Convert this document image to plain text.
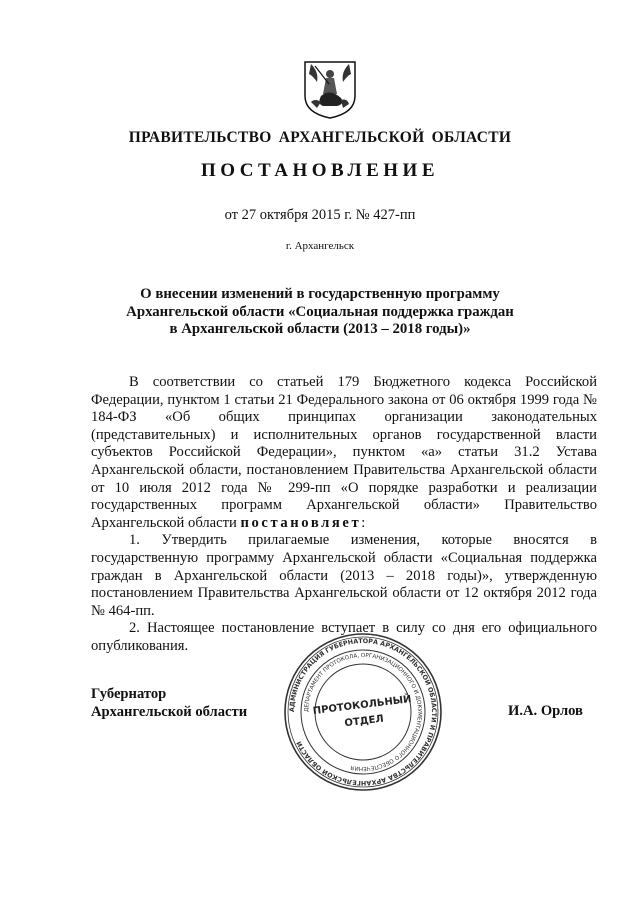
ПРАВИТЕЛЬСТВО АРХАНГЕЛЬСКОЙ ОБЛАСТИ
ПОСТАНОВЛЕНИЕ
от 27 октября 2015 г. № 427-пп
г. Архангельск
О внесении изменений в государственную программу
Архангельской области «Социальная поддержка граждан
в Архангельской области (2013 – 2018 годы)»

В соответствии со статьей 179 Бюджетного кодекса Российской Федерации, пунктом 1 статьи 21 Федерального закона от 06 октября 1999 года № 184-ФЗ «Об общих принципах организации законодательных (представительных) и исполнительных органов государственной власти субъектов Российской Федерации», пунктом «а» статьи 31.2 Устава Архангельской области, постановлением Правительства Архангельской области от 10 июля 2012 года № 299-пп «О порядке разработки и реализации государственных программ Архангельской области» Правительство Архангельской области постановляет:

1. Утвердить прилагаемые изменения, которые вносятся в государственную программу Архангельской области «Социальная поддержка граждан в Архангельской области (2013 – 2018 годы)», утвержденную постановлением Правительства Архангельской области от 12 октября 2012 года № 464-пп.

2. Настоящее постановление вступает в силу со дня его официального опубликования.

Губернатор
Архангельской области	И.А. Орлов
АДМИНИСТРАЦИЯ ГУБЕРНАТОРА АРХАНГЕЛЬСКОЙ ОБЛАСТИ И ПРАВИТЕЛЬСТВА АРХАНГЕЛЬСКОЙ ОБЛАСТИ
ДЕПАРТАМЕНТ ПРОТОКОЛА, ОРГАНИЗАЦИОННОГО И ДОКУМЕНТАЦИОННОГО ОБЕСПЕЧЕНИЯ
ПРОТОКОЛЬНЫЙ
ОТДЕЛ
